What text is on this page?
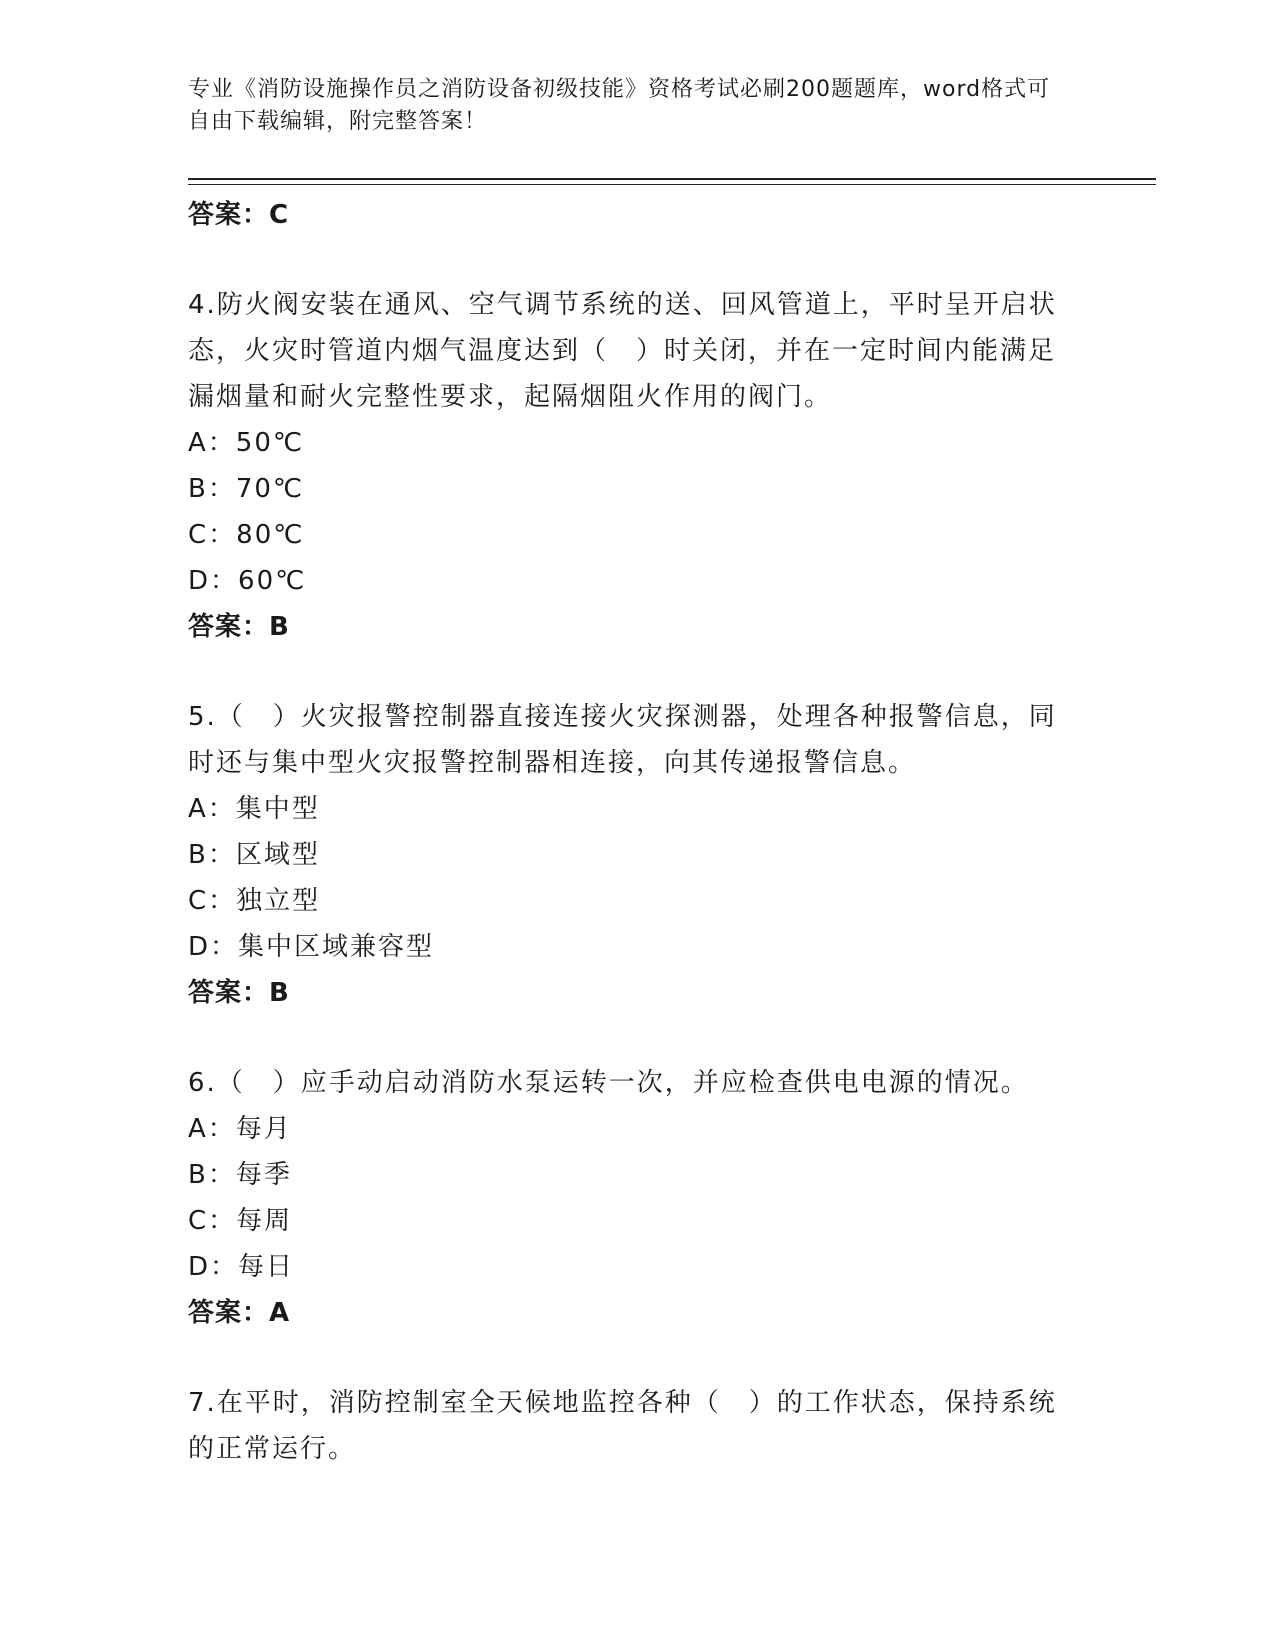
专业《消防设施操作员之消防设备初级技能》资格考试必刷200题题库，word格式可自由下载编辑，附完整答案！
答案：C
4.防火阀安装在通风、空气调节系统的送、回风管道上，平时呈开启状态，火灾时管道内烟气温度达到（　）时关闭，并在一定时间内能满足漏烟量和耐火完整性要求，起隔烟阻火作用的阀门。
A：50℃
B：70℃
C：80℃
D：60℃
答案：B
5.（　）火灾报警控制器直接连接火灾探测器，处理各种报警信息，同时还与集中型火灾报警控制器相连接，向其传递报警信息。
A：集中型
B：区域型
C：独立型
D：集中区域兼容型
答案：B
6.（　）应手动启动消防水泵运转一次，并应检查供电电源的情况。
A：每月
B：每季
C：每周
D：每日
答案：A
7.在平时，消防控制室全天候地监控各种（　）的工作状态，保持系统的正常运行。
